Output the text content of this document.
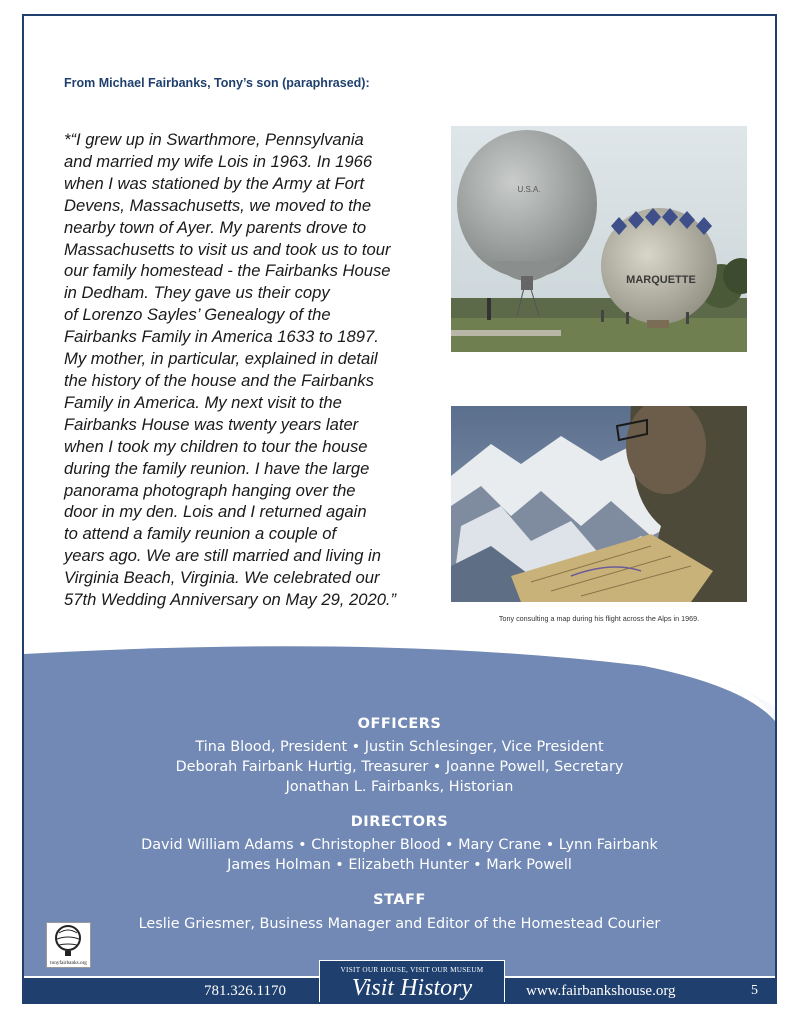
From Michael Fairbanks, Tony’s son (paraphrased):
*“I grew up in Swarthmore, Pennsylvania
and married my wife Lois in 1963. In 1966
when I was stationed by the Army at Fort
Devens, Massachusetts, we moved to the
nearby town of Ayer. My parents drove to
Massachusetts to visit us and took us to tour
our family homestead - the Fairbanks House
in Dedham. They gave us their copy
of Lorenzo Sayles’ Genealogy of the
Fairbanks Family in America 1633 to 1897.
My mother, in particular, explained in detail
the history of the house and the Fairbanks
Family in America. My next visit to the
Fairbanks House was twenty years later
when I took my children to tour the house
during the family reunion. I have the large
panorama photograph hanging over the
door in my den. Lois and I returned again
to attend a family reunion a couple of
years ago. We are still married and living in
Virginia Beach, Virginia. We celebrated our
57th Wedding Anniversary on May 29, 2020.”
U.S.A.
MARQUETTE
Tony consulting a map during his flight across the Alps in 1969.
OFFICERS
Tina Blood, President • Justin Schlesinger, Vice President
Deborah Fairbank Hurtig, Treasurer • Joanne Powell, Secretary
Jonathan L. Fairbanks, Historian
DIRECTORS
David William Adams • Christopher Blood • Mary Crane • Lynn Fairbank
James Holman • Elizabeth Hunter • Mark Powell
STAFF
Leslie Griesmer, Business Manager and Editor of the Homestead Courier
tonyfairbanks.org
781.326.1170	www.fairbankshouse.org	5
VISIT OUR HOUSE, VISIT OUR MUSEUM
Visit History
